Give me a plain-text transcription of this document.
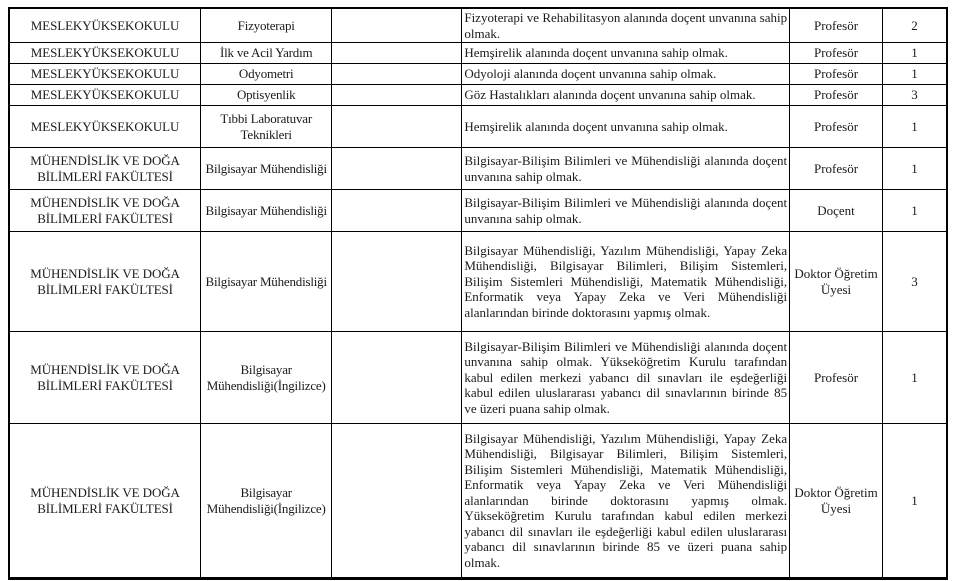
MESLEKYÜKSEKOKULU	Fizyoterapi		Fizyoterapi ve Rehabilitasyon alanında doçent unvanına sahip olmak.	Profesör	2
MESLEKYÜKSEKOKULU	İlk ve Acil Yardım		Hemşirelik alanında doçent unvanına sahip olmak.	Profesör	1
MESLEKYÜKSEKOKULU	Odyometri		Odyoloji alanında doçent unvanına sahip olmak.	Profesör	1
MESLEKYÜKSEKOKULU	Optisyenlik		Göz Hastalıkları alanında doçent unvanına sahip olmak.	Profesör	3
MESLEKYÜKSEKOKULU	Tıbbi Laboratuvar Teknikleri		Hemşirelik alanında doçent unvanına sahip olmak.	Profesör	1
MÜHENDİSLİK VE DOĞA BİLİMLERİ FAKÜLTESİ	Bilgisayar Mühendisliği		Bilgisayar-Bilişim Bilimleri ve Mühendisliği alanında doçent unvanına sahip olmak.	Profesör	1
MÜHENDİSLİK VE DOĞA BİLİMLERİ FAKÜLTESİ	Bilgisayar Mühendisliği		Bilgisayar-Bilişim Bilimleri ve Mühendisliği alanında doçent unvanına sahip olmak.	Doçent	1
MÜHENDİSLİK VE DOĞA BİLİMLERİ FAKÜLTESİ	Bilgisayar Mühendisliği		Bilgisayar Mühendisliği, Yazılım Mühendisliği, Yapay Zeka Mühendisliği, Bilgisayar Bilimleri, Bilişim Sistemleri, Bilişim Sistemleri Mühendisliği, Matematik Mühendisliği, Enformatik veya Yapay Zeka ve Veri Mühendisliği alanlarından birinde doktorasını yapmış olmak.	Doktor Öğretim Üyesi	3
MÜHENDİSLİK VE DOĞA BİLİMLERİ FAKÜLTESİ	Bilgisayar Mühendisliği(İngilizce)		Bilgisayar-Bilişim Bilimleri ve Mühendisliği alanında doçent unvanına sahip olmak. Yükseköğretim Kurulu tarafından kabul edilen merkezi yabancı dil sınavları ile eşdeğerliği kabul edilen uluslararası yabancı dil sınavlarının birinde 85 ve üzeri puana sahip olmak.	Profesör	1
MÜHENDİSLİK VE DOĞA BİLİMLERİ FAKÜLTESİ	Bilgisayar Mühendisliği(İngilizce)		Bilgisayar Mühendisliği, Yazılım Mühendisliği, Yapay Zeka Mühendisliği, Bilgisayar Bilimleri, Bilişim Sistemleri, Bilişim Sistemleri Mühendisliği, Matematik Mühendisliği, Enformatik veya Yapay Zeka ve Veri Mühendisliği alanlarından birinde doktorasını yapmış olmak. Yükseköğretim Kurulu tarafından kabul edilen merkezi yabancı dil sınavları ile eşdeğerliği kabul edilen uluslararası yabancı dil sınavlarının birinde 85 ve üzeri puana sahip olmak.	Doktor Öğretim Üyesi	1
